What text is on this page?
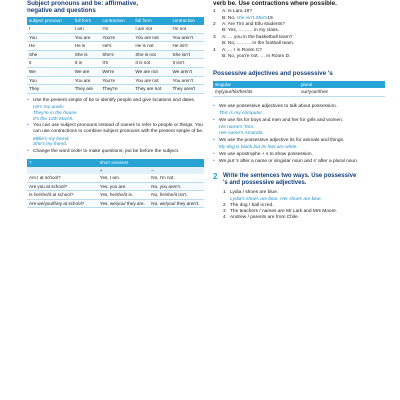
Subject pronouns and be: affirmative,
negative and questions
subject pronoun	full form	contraction	full form	contraction
I	I am	I'm	I am not	I'm not
You	You are	You're	You are not	You aren't
He	He is	He's	He is not	He isn't
She	She is	She's	She is not	She isn't
It	It is	It's	It is not	It isn't
We	We are	We're	We are not	We aren't
You	You are	You're	You are not	You aren't
They	They are	They're	They are not	They aren't
• Use the present simple of be to identify people and give locations and dates.
He's my uncle.
They're in the house.
It's the 12th March.
• You can use subject pronouns instead of names to refer to people or things. You can use contractions to combine subject pronouns with the present simple of be.
Millie's my friend.
She's my friend.
• Change the word order to make questions; put be before the subject.
?	short answers	
	+	–
Am I at school?	Yes, I am.	No, I'm not.
Are you at school?	Yes, you are.	No, you aren't.
Is he/she/it at school?	Yes, he/she/it is.	No, he/she/it isn't.
Are we/you/they at school?	Yes, we/you/ they are.	No, we/you/ they aren't.
verb be. Use contractions where possible.
1	A: Is Lara 18?
B: No,
she isn't . She's 19.
2	A: Are Tim and Ellu students?
B: Yes, ……… in my class.
3	A: … you in the basketball team?
B: No, ……… in the football team.
4	A: … I in Room C?
B: No, you're not. … in Room D.
Possessive adjectives and possessive 's
singular	plural
my/your/his/her/its	our/your/their
• We use possessive adjectives to talk about possession.
This is my computer.
• We use his for boys and men and her for girls and women.
His name's Tom.
Her name's Amanda.
• We use the possessive adjective its for animals and things.
My dog is black but its feet are white.
• We use apostrophe + s to show possession.
• We put 's after a name or singular noun and s' after a plural noun.
2 Write the sentences two ways. Use possessive
's and possessive adjectives.
1 Lydia / shoes are blue.
Lydia's shoes are blue. Her shoes are blue.
2 The dog / ball is red.
3 The teachers / names are Mr Lark and Mrs Moore.
4 Andrew / parents are from Chile.
